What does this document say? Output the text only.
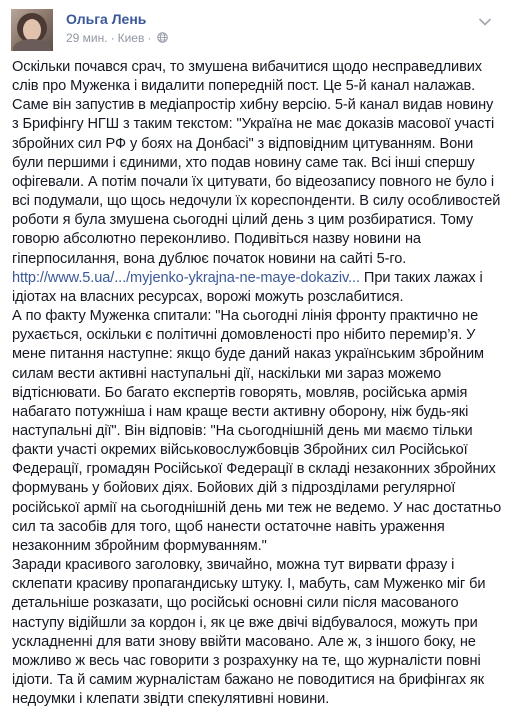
Ольга Лень
29 мин. · Киев ·

Оскільки почався срач, то змушена вибачитися щодо несправедливих слів про Муженка і видалити попередній пост. Це 5-й канал налажав. Саме він запустив в медіапростір хибну версію. 5-й канал видав новину з Брифінгу НГШ з таким текстом: "Україна не має доказів масової участі збройних сил РФ у боях на Донбасі" з відповідним цитуванням. Вони були першими і єдиними, хто подав новину саме так. Всі інші спершу офігевали. А потім почали їх цитувати, бо відеозапису повного не було і всі подумали, що щось недочули їх кореспонденти. В силу особливостей роботи я була змушена сьогодні цілий день з цим розбиратися. Тому говорю абсолютно переконливо. Подивіться назву новини на гіперпосилання, вона дублює початок новини на сайті 5-го.

http://www.5.ua/.../myjenko-ykrajna-ne-maye-dokaziv... При таких лажах і ідіотах на власних ресурсах, ворожі можуть розслабитися.

А по факту Муженка спитали: "На сьогодні лінія фронту практично не рухається, оскільки є політичні домовленості про нібито перемир’я. У мене питання наступне: якщо буде даний наказ українським збройним силам вести активні наступальні дії, наскільки ми зараз можемо відтіснювати. Бо багато експертів говорять, мовляв, російська армія набагато потужніша і нам краще вести активну оборону, ніж будь-які наступальні дії". Він відповів: "На сьогоднішній день ми маємо тільки факти участі окремих військовослужбовців Збройних сил Російської Федерації, громадян Російської Федерації в складі незаконних збройних формувань у бойових діях. Бойових дій з підрозділами регулярної російської армії на сьогоднішній день ми теж не ведемо. У нас достатньо сил та засобів для того, щоб нанести остаточне навіть ураження незаконним збройним формуванням."

Заради красивого заголовку, звичайно, можна тут вирвати фразу і склепати красиву пропагандиську штуку. І, мабуть, сам Муженко міг би детальніше розказати, що російські основні сили після масованого наступу відійшли за кордон і, як це вже двічі відбувалося, можуть при ускладненні для вати знову ввійти масовано. Але ж, з іншого боку, не можливо ж весь час говорити з розрахунку на те, що журналісти повні ідіоти. Та й самим журналістам бажано не поводитися на брифінгах як недоумки і клепати звідти спекулятивні новини.
